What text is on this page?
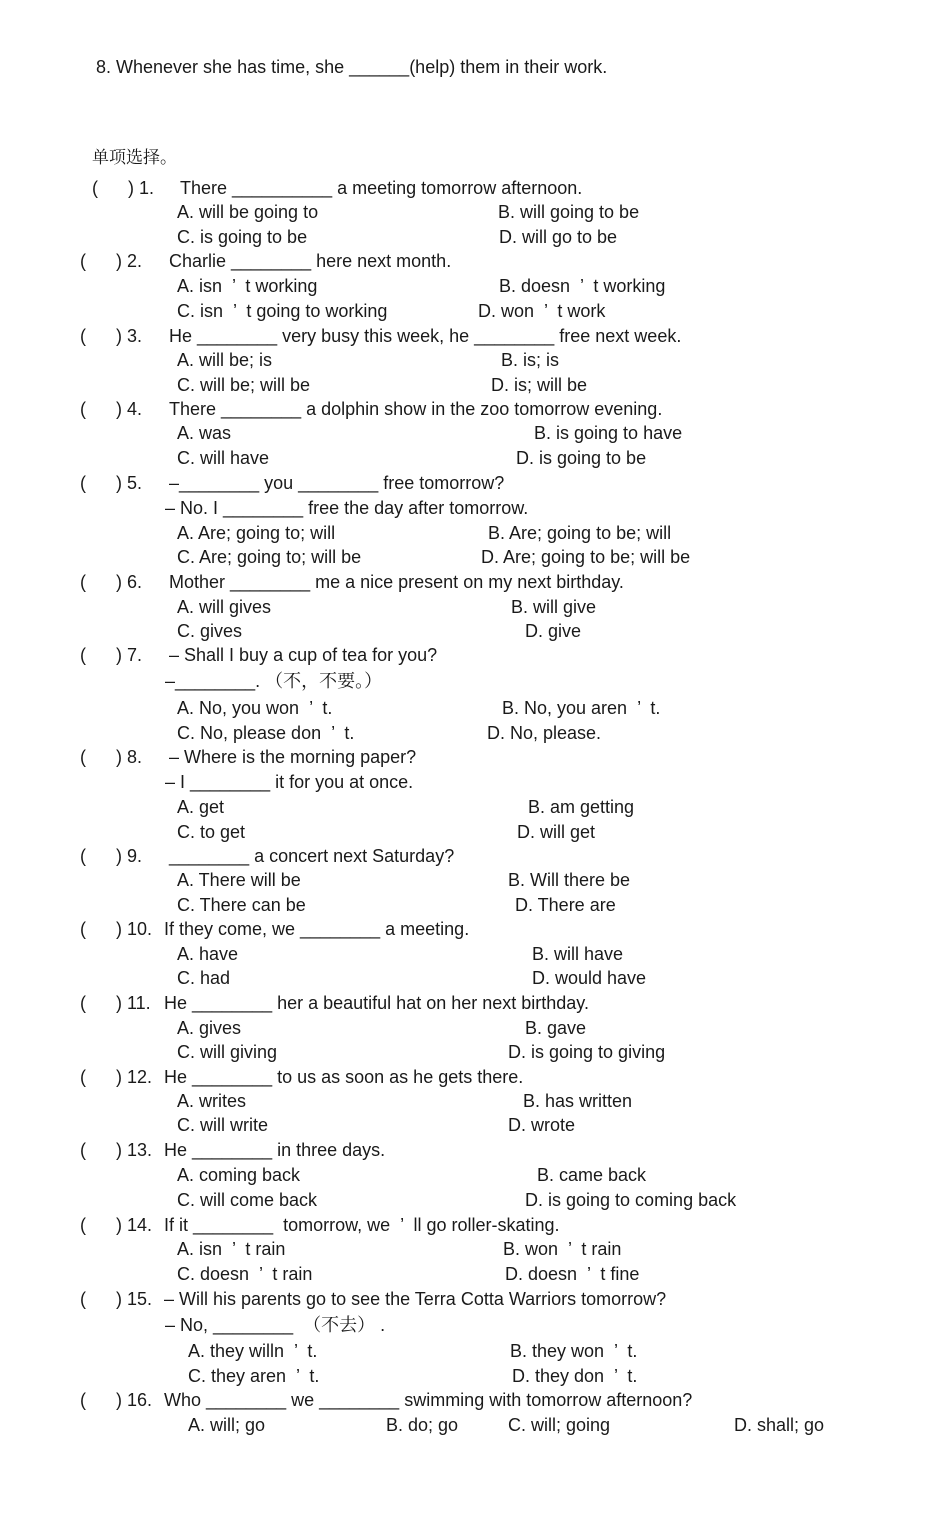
8. Whenever she has time, she ______(help) them in their work.
单项选择。
(      ) 1. There __________ a meeting tomorrow afternoon.
A. will be going to	B. will going to be
C. is going to be	D. will go to be
(      ) 2. Charlie ________ here next month.
A. isn  ’  t working	B. doesn  ’  t working
C. isn  ’  t going to working	D. won  ’  t work
(      ) 3. He ________ very busy this week, he ________ free next week.
A. will be; is	B. is; is
C. will be; will be	D. is; will be
(      ) 4. There ________ a dolphin show in the zoo tomorrow evening.
A. was	B. is going to have
C. will have	D. is going to be
(      ) 5. –________ you ________ free tomorrow?
– No. I ________ free the day after tomorrow.
A. Are; going to; will	B. Are; going to be; will
C. Are; going to; will be	D. Are; going to be; will be
(      ) 6. Mother ________ me a nice present on my next birthday.
A. will gives	B. will give
C. gives	D. give
(      ) 7. – Shall I buy a cup of tea for you?
–________. （不，不要。）
A. No, you won  ’  t.	B. No, you aren  ’  t.
C. No, please don  ’  t.	D. No, please.
(      ) 8. – Where is the morning paper?
– I ________ it for you at once.
A. get	B. am getting
C. to get	D. will get
(      ) 9. ________ a concert next Saturday?
A. There will be	B. Will there be
C. There can be	D. There are
(      ) 10. If they come, we ________ a meeting.
A. have	B. will have
C. had	D. would have
(      ) 11. He ________ her a beautiful hat on her next birthday.
A. gives	B. gave
C. will giving	D. is going to giving
(      ) 12. He ________ to us as soon as he gets there.
A. writes	B. has written
C. will write	D. wrote
(      ) 13. He ________ in three days.
A. coming back	B. came back
C. will come back	D. is going to coming back
(      ) 14. If it ________  tomorrow, we  ’  ll go roller-skating.
A. isn  ’  t rain	B. won  ’  t rain
C. doesn  ’  t rain	D. doesn  ’  t fine
(      ) 15. – Will his parents go to see the Terra Cotta Warriors tomorrow?
– No, ________  （不去） .
A. they willn  ’  t.	B. they won  ’  t.
C. they aren  ’  t.	D. they don  ’  t.
(      ) 16. Who ________ we ________ swimming with tomorrow afternoon?
A. will; go	B. do; go	C. will; going	D. shall; go
